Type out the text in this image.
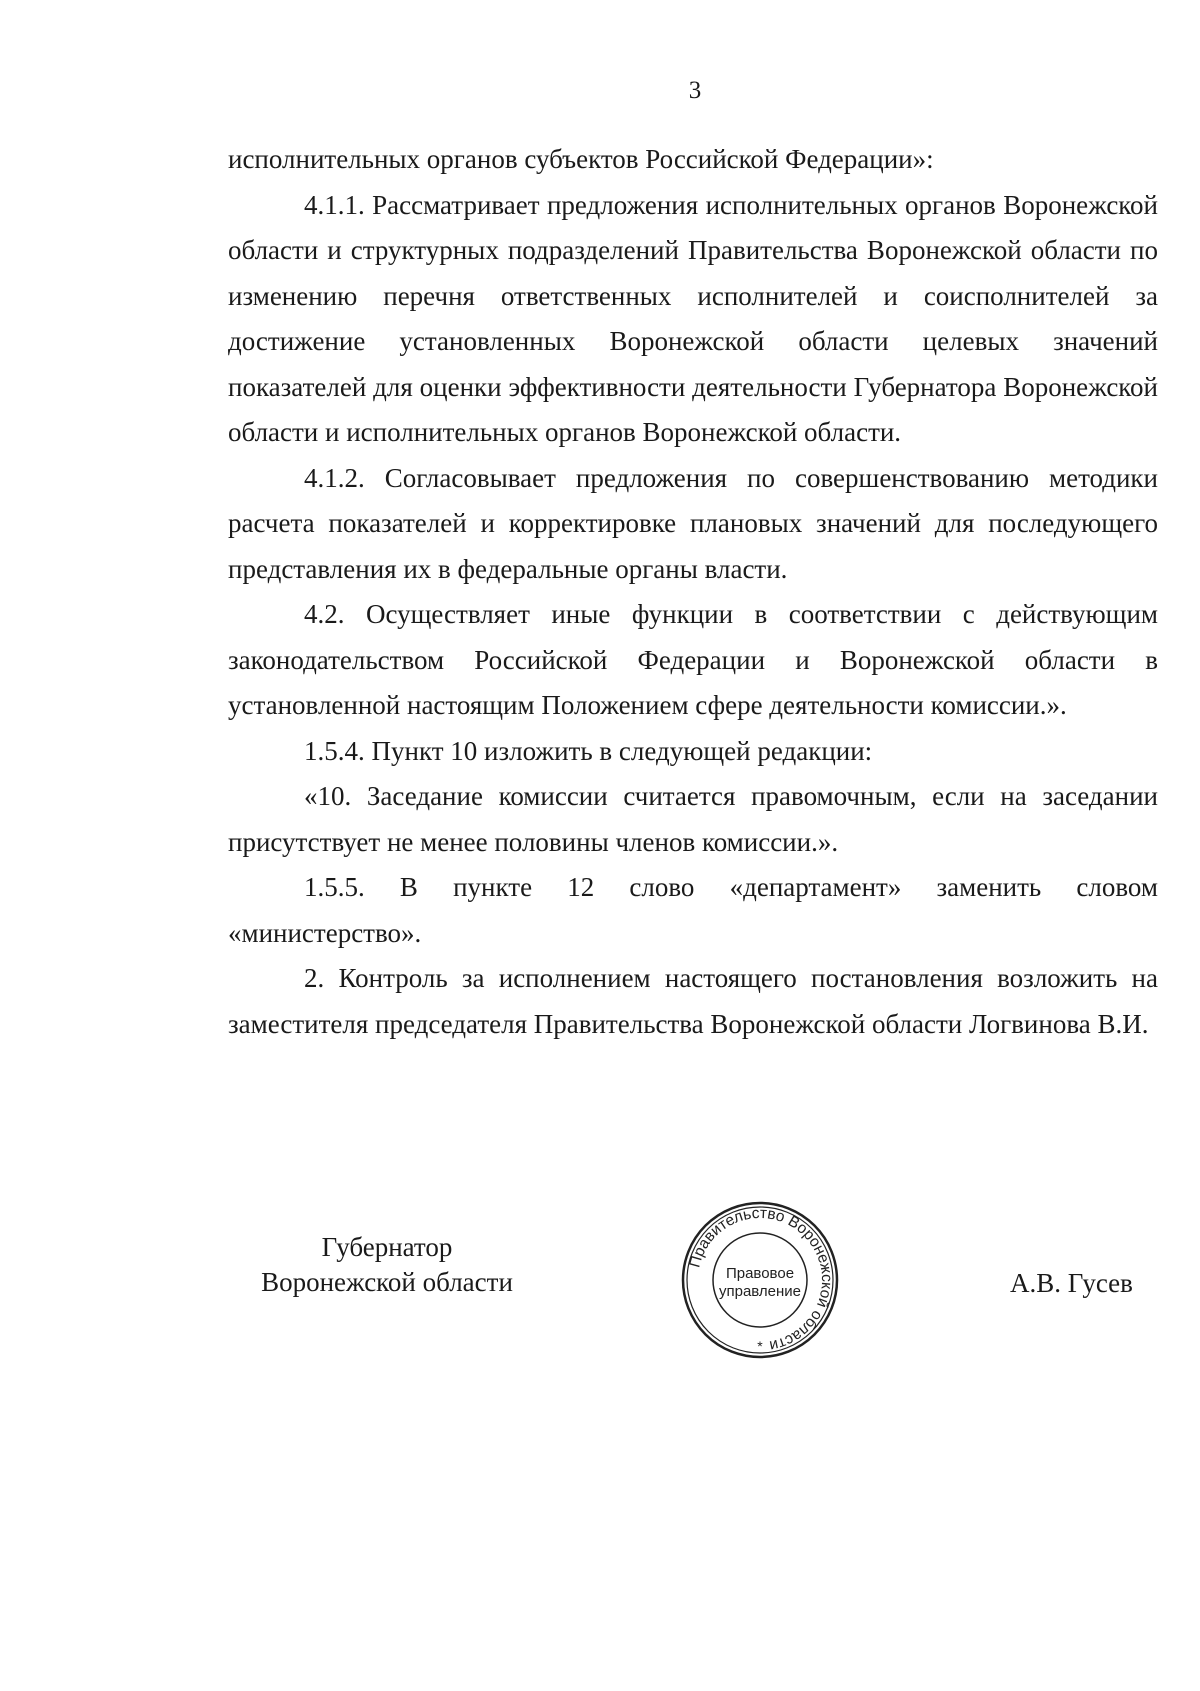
3

исполнительных органов субъектов Российской Федерации»:

4.1.1. Рассматривает предложения исполнительных органов Воронежской области и структурных подразделений Правительства Воронежской области по изменению перечня ответственных исполнителей и соисполнителей за достижение установленных Воронежской области целевых значений показателей для оценки эффективности деятельности Губернатора Воронежской области и исполнительных органов Воронежской области.

4.1.2. Согласовывает предложения по совершенствованию методики расчета показателей и корректировке плановых значений для последующего представления их в федеральные органы власти.

4.2. Осуществляет иные функции в соответствии с действующим законодательством Российской Федерации и Воронежской области в установленной настоящим Положением сфере деятельности комиссии.».

1.5.4. Пункт 10 изложить в следующей редакции:

«10. Заседание комиссии считается правомочным, если на заседании присутствует не менее половины членов комиссии.».

1.5.5. В пункте 12 слово «департамент» заменить словом «министерство».

2. Контроль за исполнением настоящего постановления возложить на заместителя председателя Правительства Воронежской области Логвинова В.И.

Губернатор
Воронежской области
Правительство Воронежской области
Правовое
управление
*
А.В. Гусев
